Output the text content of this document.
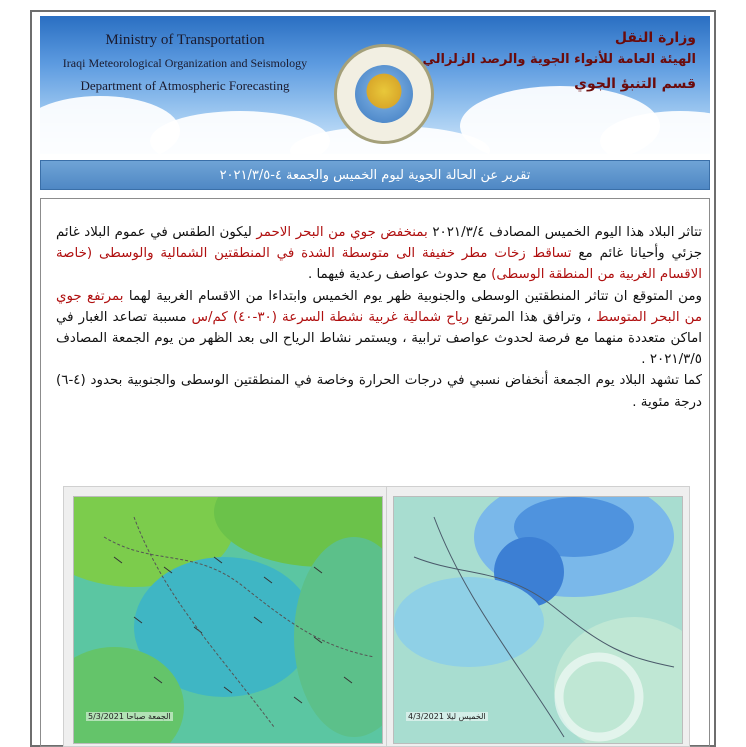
Ministry of Transportation
Iraqi Meteorological Organization and Seismology
Department of Atmospheric Forecasting
وزارة النقل
الهيئة العامة للأنواء الجوية والرصد الزلزالي
قسم التنبؤ الجوي
تقرير عن الحالة الجوية ليوم الخميس والجمعة ٤-٢٠٢١/٣/٥

تتاثر البلاد هذا اليوم الخميس المصادف ٢٠٢١/٣/٤ بمنخفض جوي من البحر الاحمر ليكون الطقس في عموم البلاد غائم جزئي وأحيانا غائم مع تساقط زخات مطر خفيفة الى متوسطة الشدة في المنطقتين الشمالية والوسطى (خاصة الاقسام الغربية من المنطقة الوسطى) مع حدوث عواصف رعدية فيهما .

ومن المتوقع ان تتاثر المنطقتين الوسطى والجنوبية ظهر يوم الخميس وابتداءا من الاقسام الغربية لهما بمرتفع جوي من البحر المتوسط ، وترافق هذا المرتفع رياح شمالية غربية نشطة السرعة (٣٠-٤٠) كم/س مسببة تصاعد الغبار في اماكن متعددة منهما مع فرصة لحدوث عواصف ترابية ، ويستمر نشاط الرياح الى بعد الظهر من يوم الجمعة المصادف ٢٠٢١/٣/٥ .

كما تشهد البلاد يوم الجمعة أنخفاض نسبي في درجات الحرارة وخاصة في المنطقتين الوسطى والجنوبية بحدود (٤-٦) درجة مئوية .

الجمعة صباحا 5/3/2021	الخميس ليلا 4/3/2021
